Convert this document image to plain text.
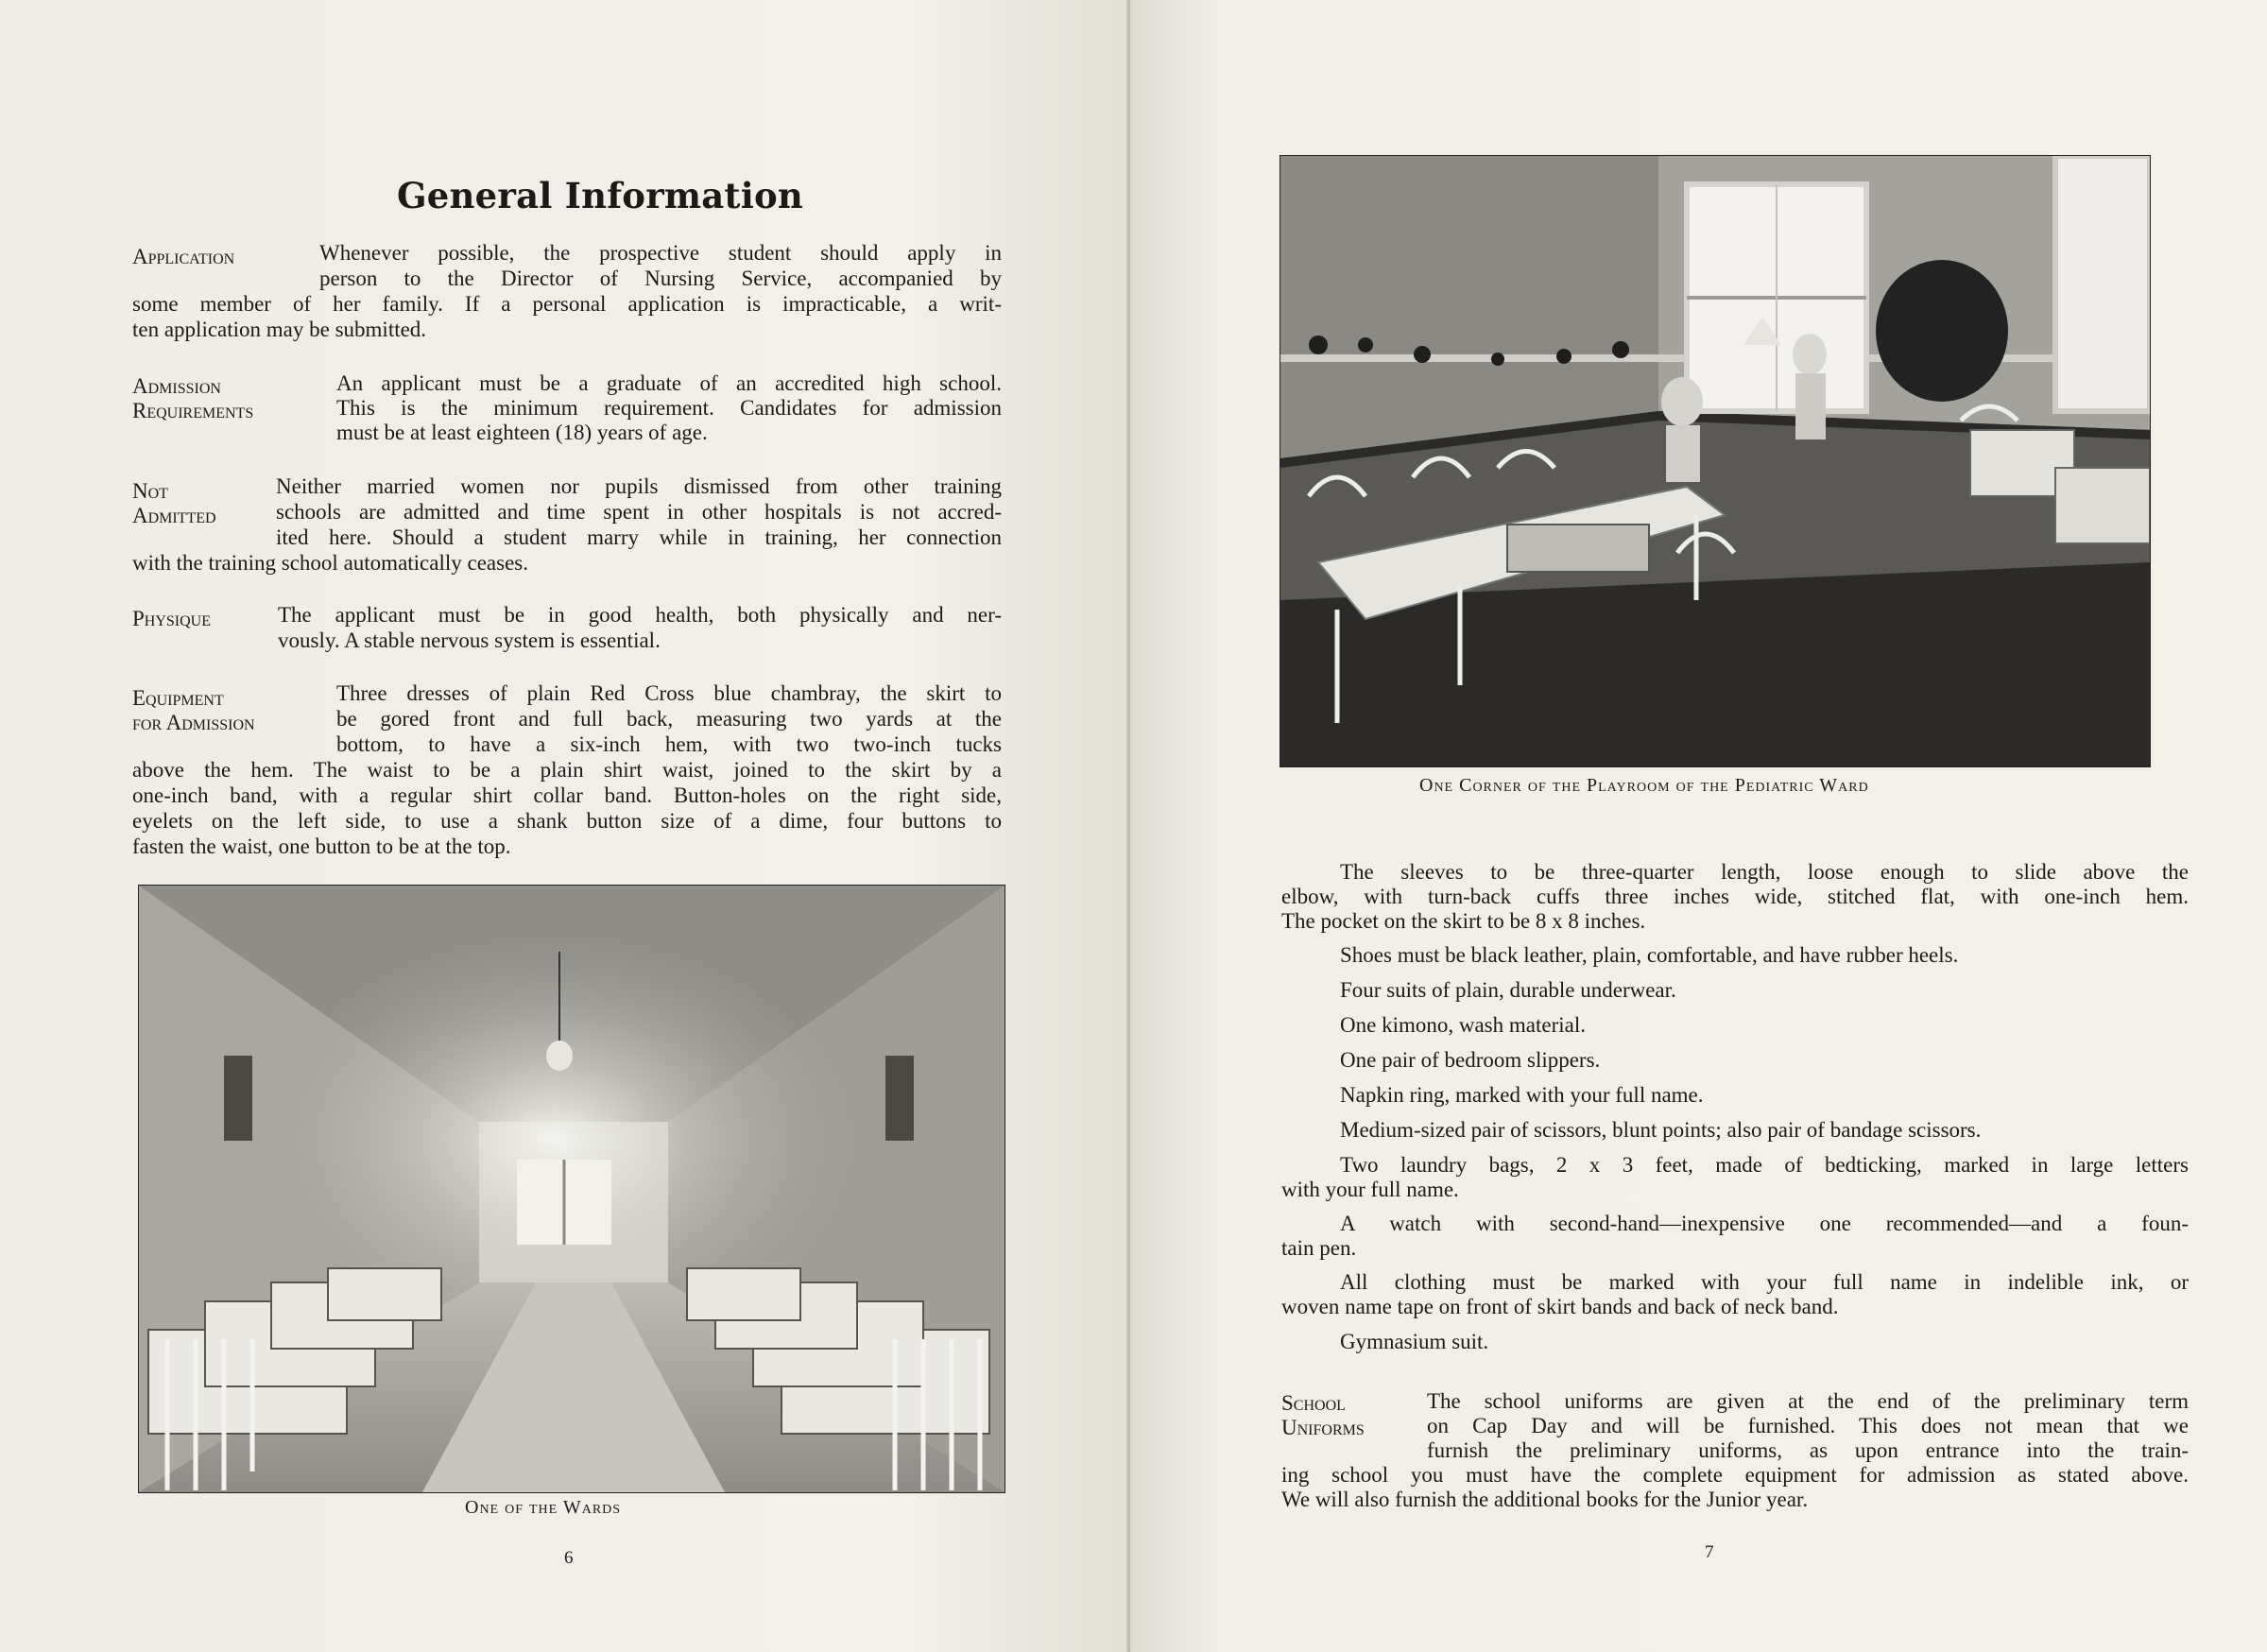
General Information
Application	Whenever possible, the prospective student should apply in
person to the Director of Nursing Service, accompanied by
some member of her family. If a personal application is impracticable, a writ-
ten application may be submitted.
Admission
Requirements
An applicant must be a graduate of an accredited high school.
This is the minimum requirement. Candidates for admission
must be at least eighteen (18) years of age.
Not
Admitted
Neither married women nor pupils dismissed from other training
schools are admitted and time spent in other hospitals is not accred-
ited here. Should a student marry while in training, her connection
with the training school automatically ceases.
Physique	The applicant must be in good health, both physically and ner-
vously. A stable nervous system is essential.
Equipment
for Admission
Three dresses of plain Red Cross blue chambray, the skirt to
be gored front and full back, measuring two yards at the
bottom, to have a six-inch hem, with two two-inch tucks
above the hem. The waist to be a plain shirt waist, joined to the skirt by a
one-inch band, with a regular shirt collar band. Button-holes on the right side,
eyelets on the left side, to use a shank button size of a dime, four buttons to
fasten the waist, one button to be at the top.
One of the Wards
6
One Corner of the Playroom of the Pediatric Ward
The sleeves to be three-quarter length, loose enough to slide above the
elbow, with turn-back cuffs three inches wide, stitched flat, with one-inch hem.
The pocket on the skirt to be 8 x 8 inches.
Shoes must be black leather, plain, comfortable, and have rubber heels.
Four suits of plain, durable underwear.
One kimono, wash material.
One pair of bedroom slippers.
Napkin ring, marked with your full name.
Medium-sized pair of scissors, blunt points; also pair of bandage scissors.
Two laundry bags, 2 x 3 feet, made of bedticking, marked in large letters
with your full name.
A watch with second-hand—inexpensive one recommended—and a foun-
tain pen.
All clothing must be marked with your full name in indelible ink, or
woven name tape on front of skirt bands and back of neck band.
Gymnasium suit.
School
Uniforms
The school uniforms are given at the end of the preliminary term
on Cap Day and will be furnished. This does not mean that we
furnish the preliminary uniforms, as upon entrance into the train-
ing school you must have the complete equipment for admission as stated above.
We will also furnish the additional books for the Junior year.
7
